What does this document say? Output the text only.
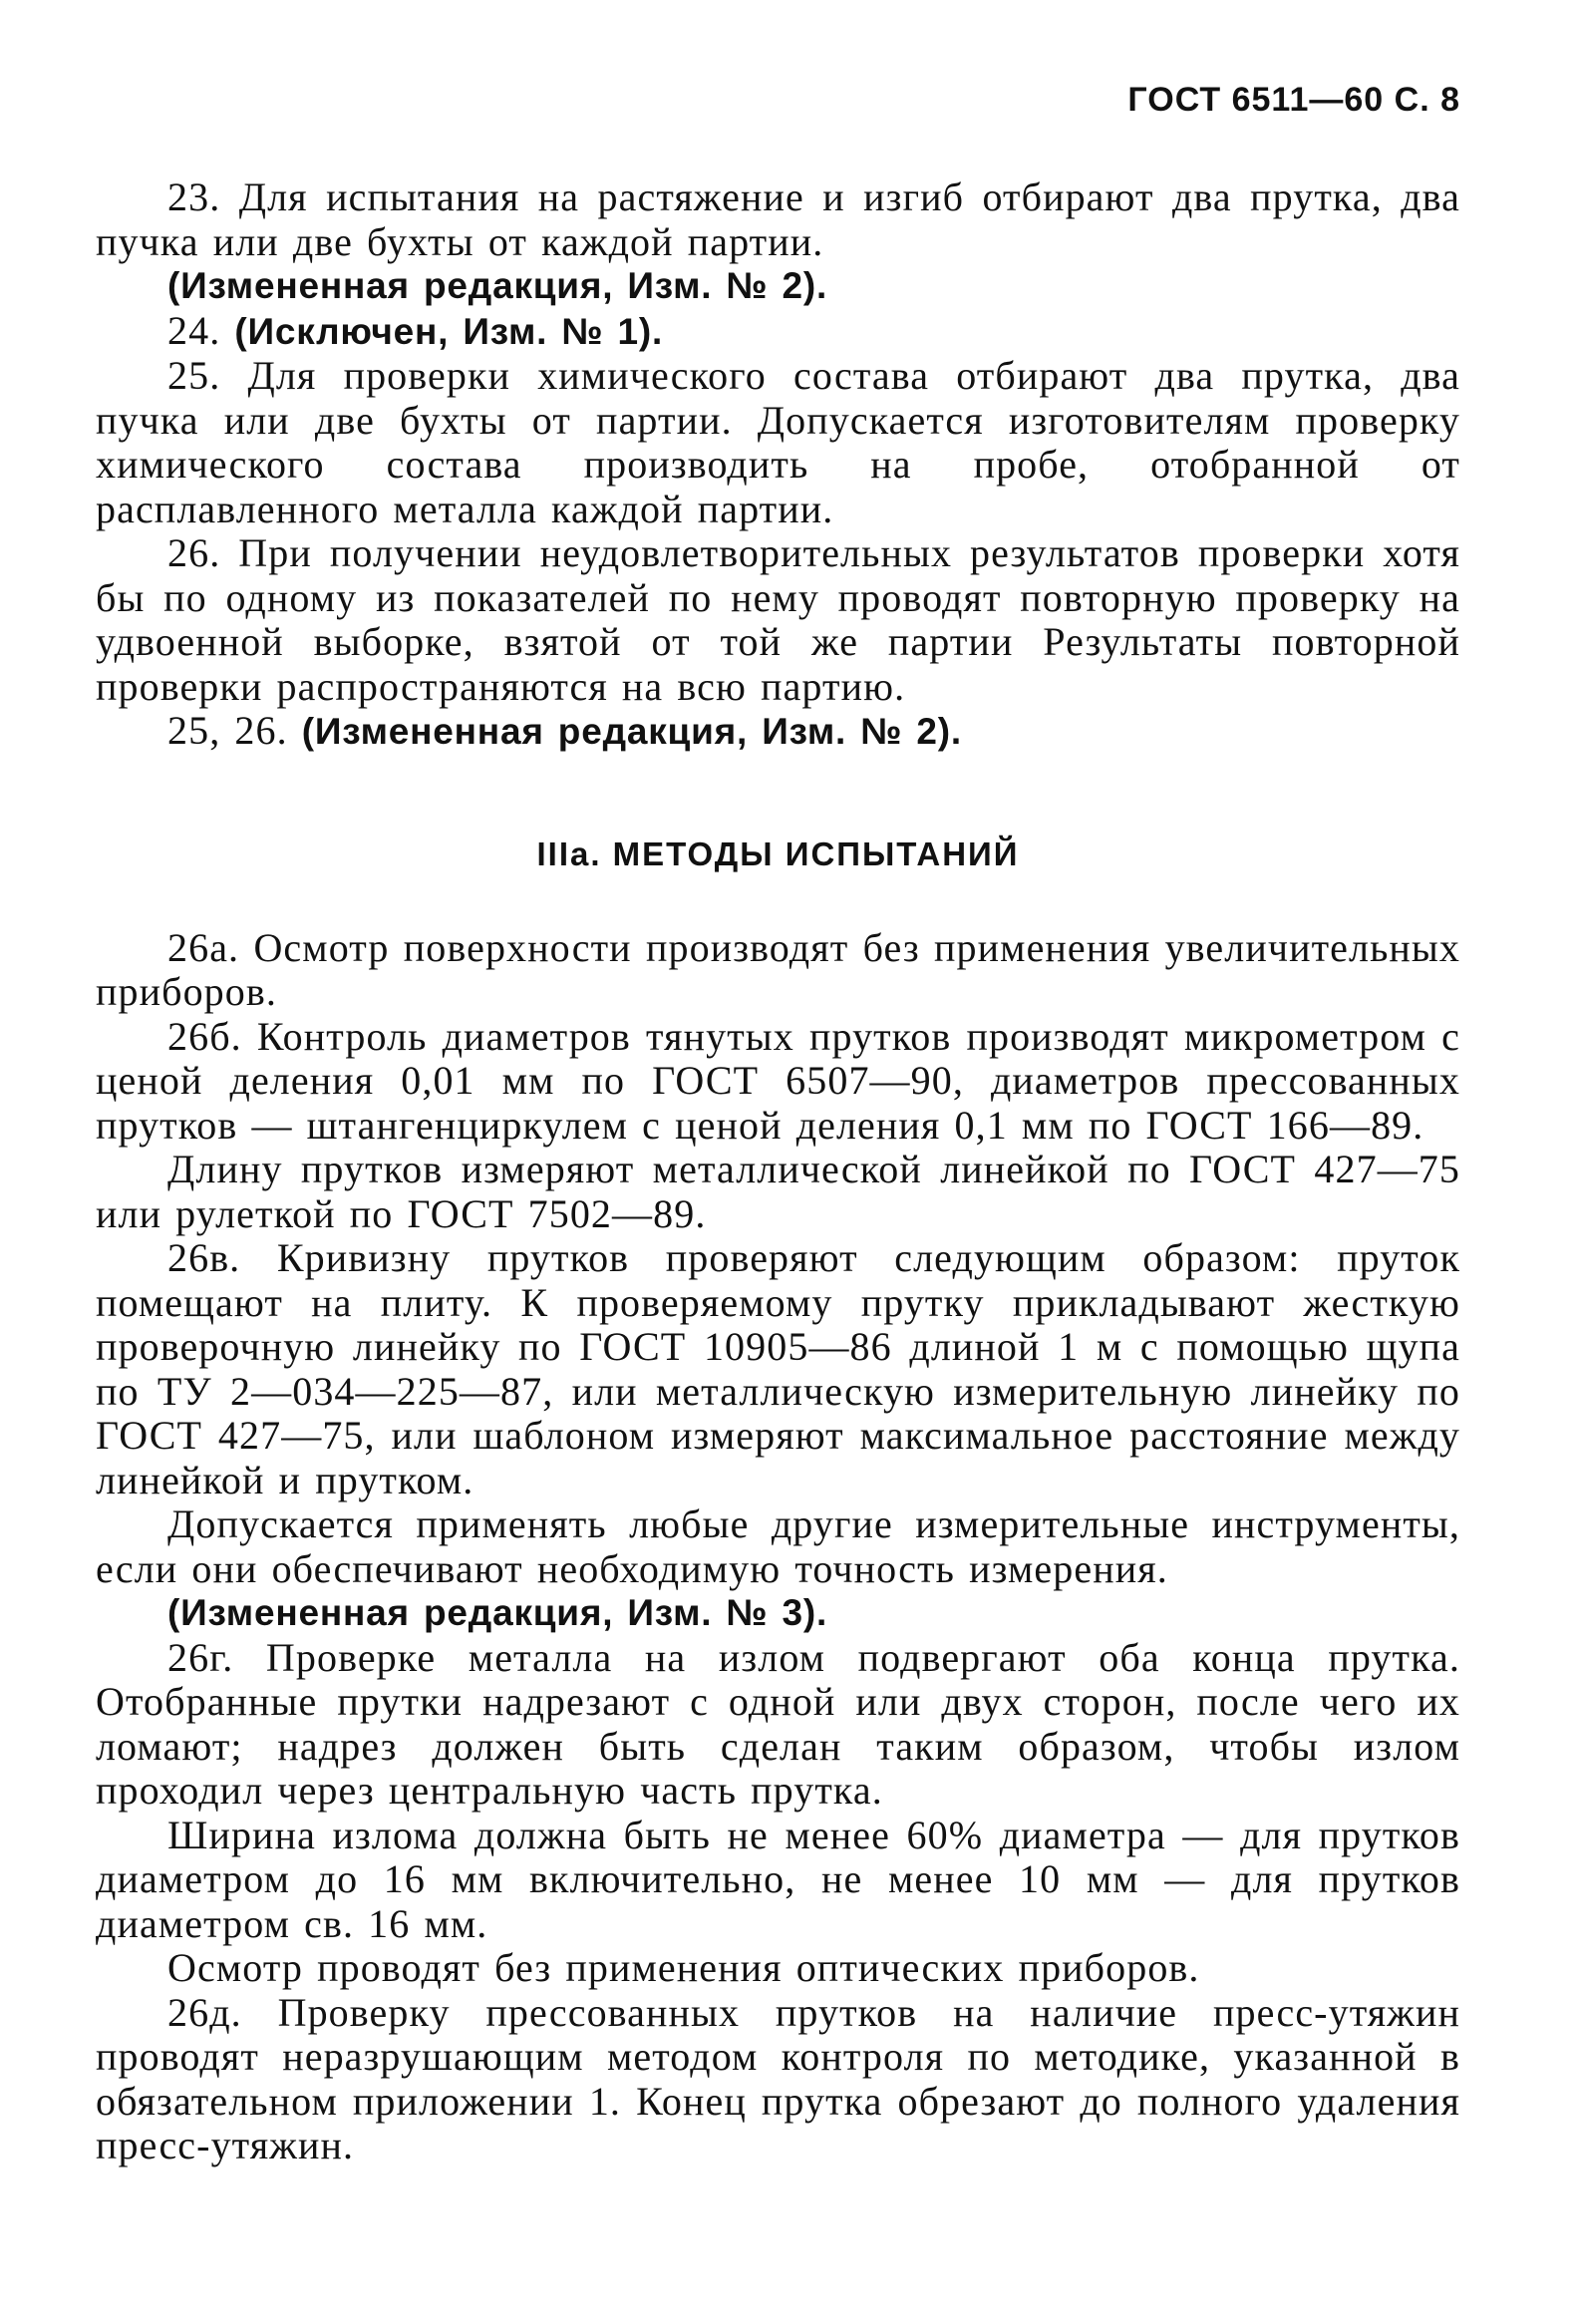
ГОСТ 6511—60 С. 8

23. Для испытания на растяжение и изгиб отбирают два прутка, два пучка или две бухты от каждой партии.

(Измененная редакция, Изм. № 2).

24. (Исключен, Изм. № 1).

25. Для проверки химического состава отбирают два прутка, два пучка или две бухты от партии. Допускается изготовителям проверку химического состава производить на пробе, отобранной от расплавленного металла каждой партии.

26. При получении неудовлетворительных результатов проверки хотя бы по одному из показателей по нему проводят повторную проверку на удвоенной выборке, взятой от той же партии Результаты повторной проверки распространяются на всю партию.

25, 26. (Измененная редакция, Изм. № 2).

IIIa. МЕТОДЫ ИСПЫТАНИЙ

26а. Осмотр поверхности производят без применения увеличительных приборов.

26б. Контроль диаметров тянутых прутков производят микрометром с ценой деления 0,01 мм по ГОСТ 6507—90, диаметров прессованных прутков — штангенциркулем с ценой деления 0,1 мм по ГОСТ 166—89.

Длину прутков измеряют металлической линейкой по ГОСТ 427—75 или рулеткой по ГОСТ 7502—89.

26в. Кривизну прутков проверяют следующим образом: пруток помещают на плиту. К проверяемому прутку прикладывают жесткую проверочную линейку по ГОСТ 10905—86 длиной 1 м с помощью щупа по ТУ 2—034—225—87, или металлическую измерительную линейку по ГОСТ 427—75, или шаблоном измеряют максимальное расстояние между линейкой и прутком.

Допускается применять любые другие измерительные инструменты, если они обеспечивают необходимую точность измерения.

(Измененная редакция, Изм. № 3).

26г. Проверке металла на излом подвергают оба конца прутка. Отобранные прутки надрезают с одной или двух сторон, после чего их ломают; надрез должен быть сделан таким образом, чтобы излом проходил через центральную часть прутка.

Ширина излома должна быть не менее 60% диаметра — для прутков диаметром до 16 мм включительно, не менее 10 мм — для прутков диаметром св. 16 мм.

Осмотр проводят без применения оптических приборов.

26д. Проверку прессованных прутков на наличие пресс-утяжин проводят неразрушающим методом контроля по методике, указанной в обязательном приложении 1. Конец прутка обрезают до полного удаления пресс-утяжин.
